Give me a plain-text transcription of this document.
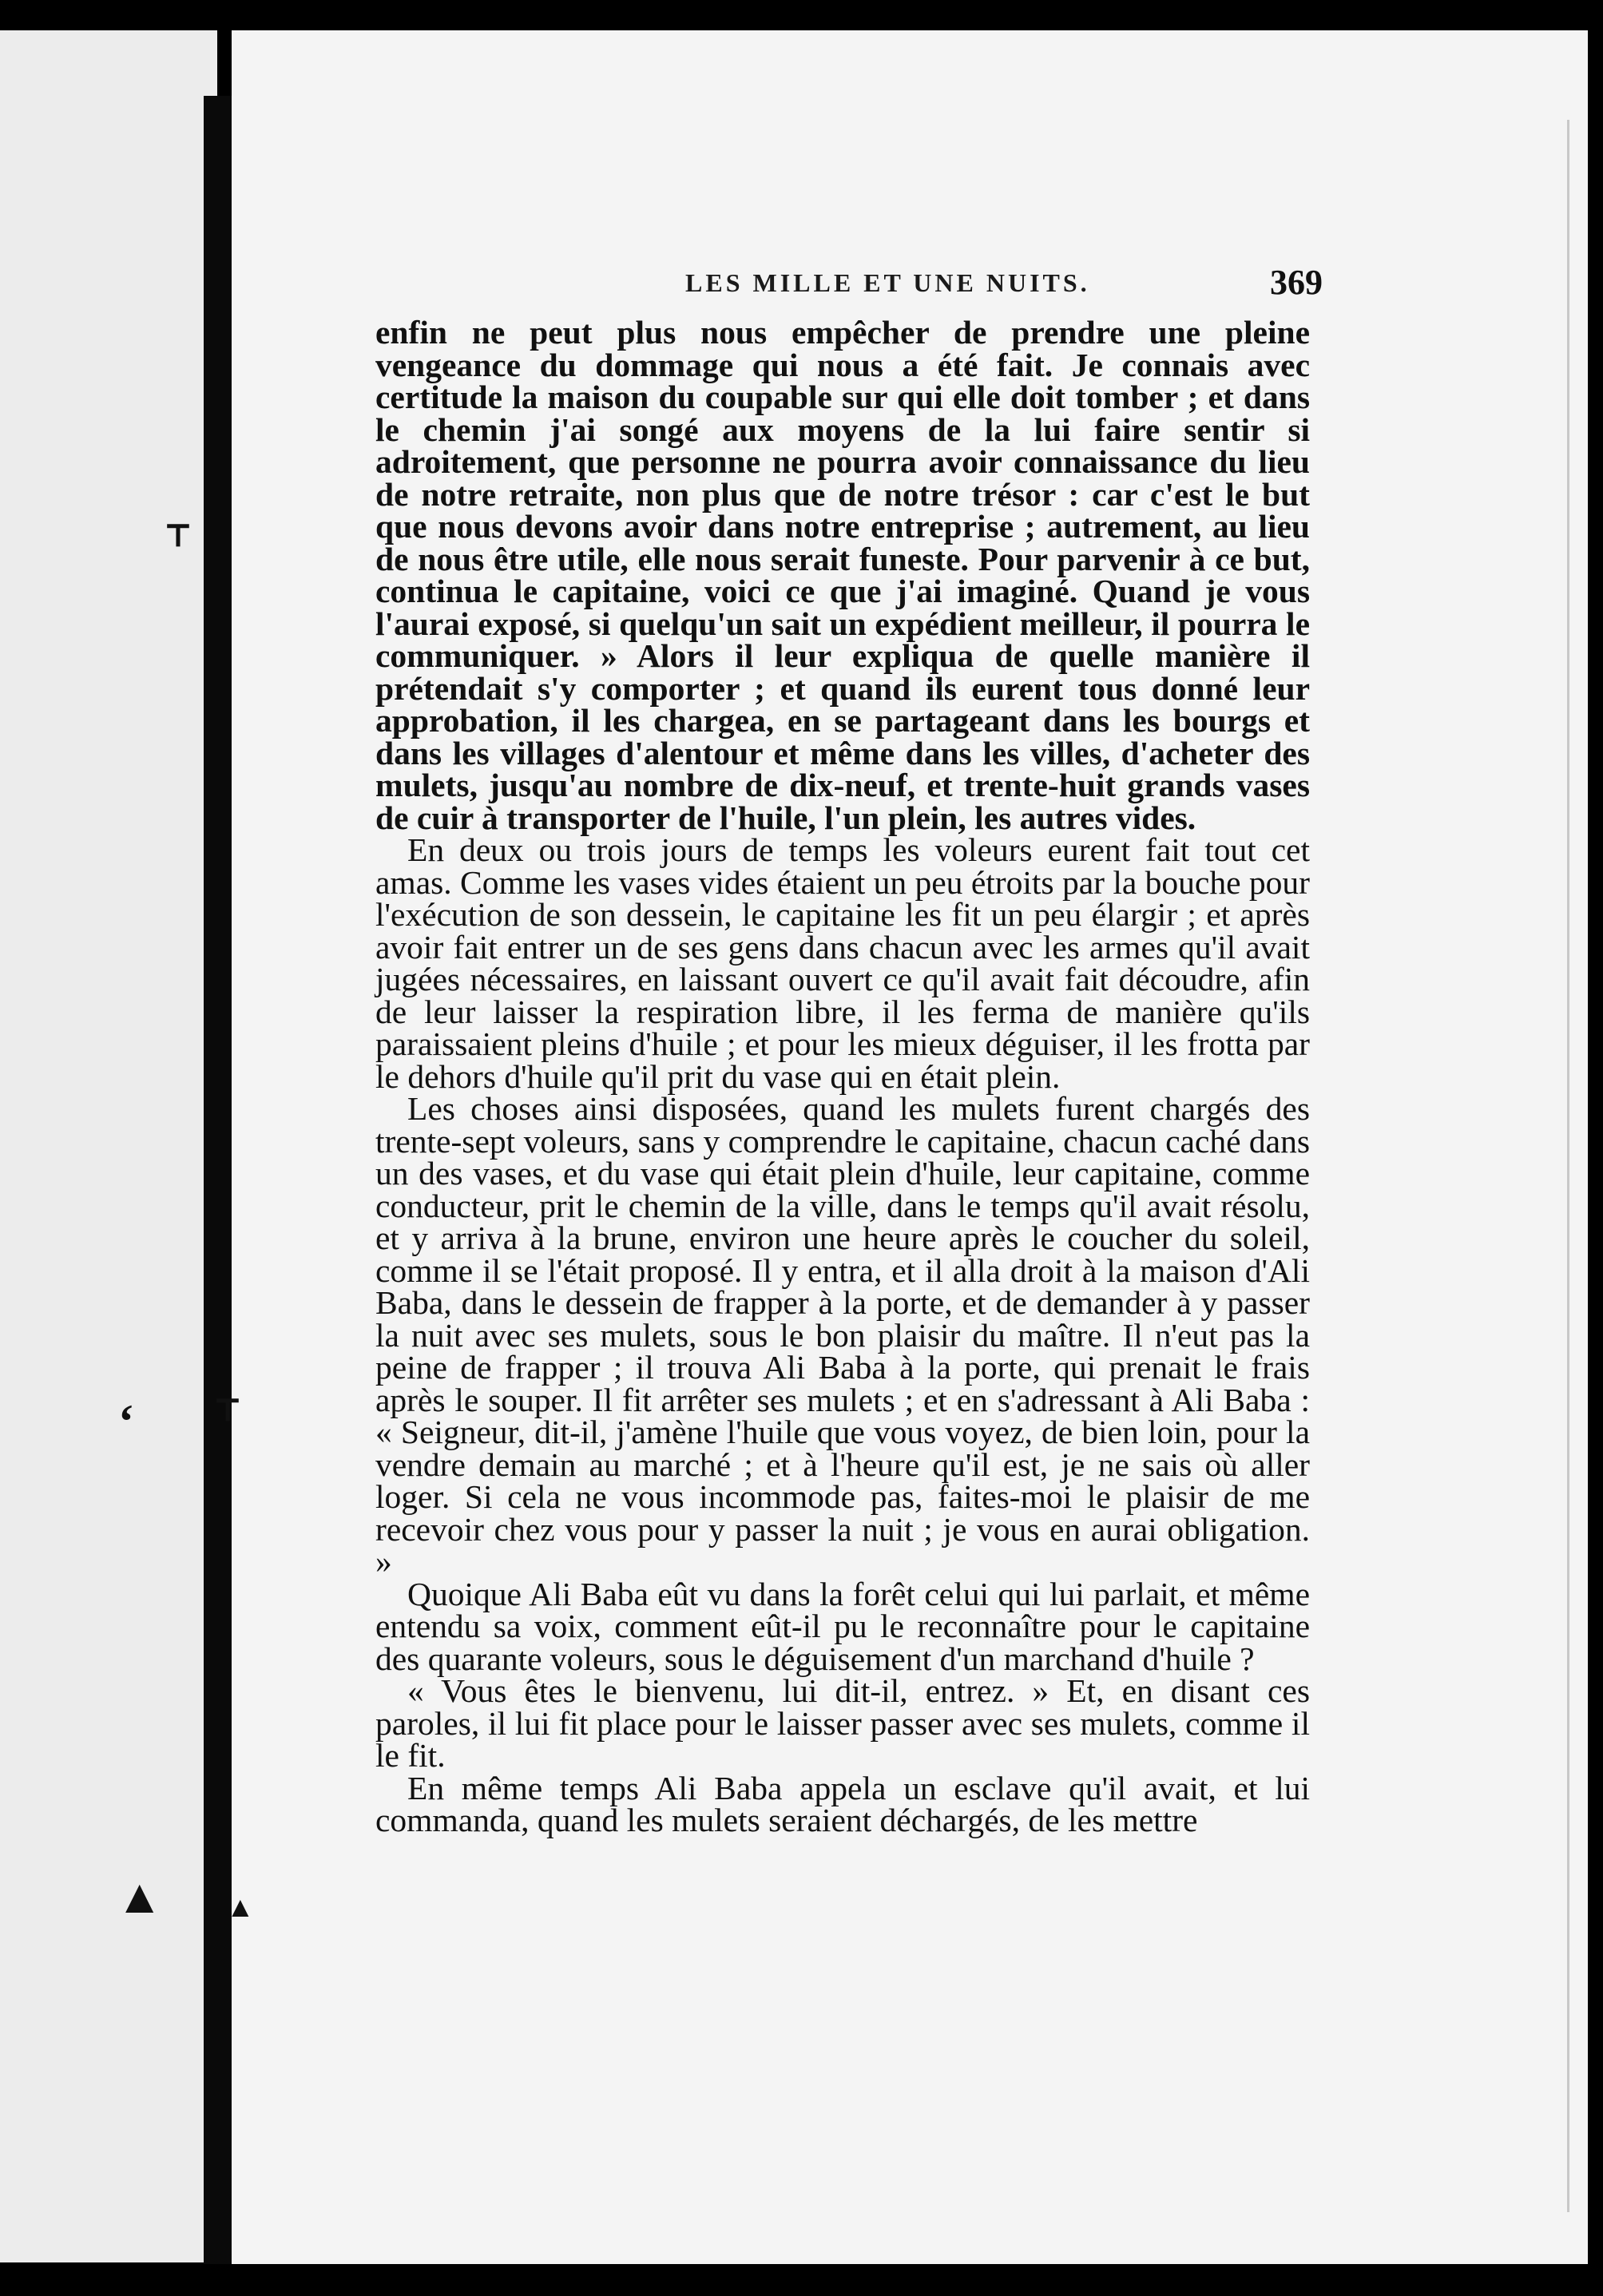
⸆
‘ ⸆
▲ ▲
LES MILLE ET UNE NUITS.	369

enfin ne peut plus nous empêcher de prendre une pleine vengeance du dommage qui nous a été fait. Je connais avec certitude la maison du coupable sur qui elle doit tomber ; et dans le chemin j'ai songé aux moyens de la lui faire sentir si adroitement, que personne ne pourra avoir connaissance du lieu de notre retraite, non plus que de notre trésor : car c'est le but que nous devons avoir dans notre entreprise ; autrement, au lieu de nous être utile, elle nous serait funeste. Pour parvenir à ce but, continua le capitaine, voici ce que j'ai imaginé. Quand je vous l'aurai exposé, si quelqu'un sait un expédient meilleur, il pourra le communiquer. » Alors il leur expliqua de quelle manière il prétendait s'y comporter ; et quand ils eurent tous donné leur approbation, il les chargea, en se partageant dans les bourgs et dans les villages d'alentour et même dans les villes, d'acheter des mulets, jusqu'au nombre de dix-neuf, et trente-huit grands vases de cuir à transporter de l'huile, l'un plein, les autres vides.

En deux ou trois jours de temps les voleurs eurent fait tout cet amas. Comme les vases vides étaient un peu étroits par la bouche pour l'exécution de son dessein, le capitaine les fit un peu élargir ; et après avoir fait entrer un de ses gens dans chacun avec les armes qu'il avait jugées nécessaires, en laissant ouvert ce qu'il avait fait découdre, afin de leur laisser la respiration libre, il les ferma de manière qu'ils paraissaient pleins d'huile ; et pour les mieux déguiser, il les frotta par le dehors d'huile qu'il prit du vase qui en était plein.

Les choses ainsi disposées, quand les mulets furent chargés des trente-sept voleurs, sans y comprendre le capitaine, chacun caché dans un des vases, et du vase qui était plein d'huile, leur capitaine, comme conducteur, prit le chemin de la ville, dans le temps qu'il avait résolu, et y arriva à la brune, environ une heure après le coucher du soleil, comme il se l'était proposé. Il y entra, et il alla droit à la maison d'Ali Baba, dans le dessein de frapper à la porte, et de demander à y passer la nuit avec ses mulets, sous le bon plaisir du maître. Il n'eut pas la peine de frapper ; il trouva Ali Baba à la porte, qui prenait le frais après le souper. Il fit arrêter ses mulets ; et en s'adressant à Ali Baba : « Seigneur, dit-il, j'amène l'huile que vous voyez, de bien loin, pour la vendre demain au marché ; et à l'heure qu'il est, je ne sais où aller loger. Si cela ne vous incommode pas, faites-moi le plaisir de me recevoir chez vous pour y passer la nuit ; je vous en aurai obligation. »

Quoique Ali Baba eût vu dans la forêt celui qui lui parlait, et même entendu sa voix, comment eût-il pu le reconnaître pour le capitaine des quarante voleurs, sous le déguisement d'un marchand d'huile ?

« Vous êtes le bienvenu, lui dit-il, entrez. » Et, en disant ces paroles, il lui fit place pour le laisser passer avec ses mulets, comme il le fit.

En même temps Ali Baba appela un esclave qu'il avait, et lui commanda, quand les mulets seraient déchargés, de les mettre
